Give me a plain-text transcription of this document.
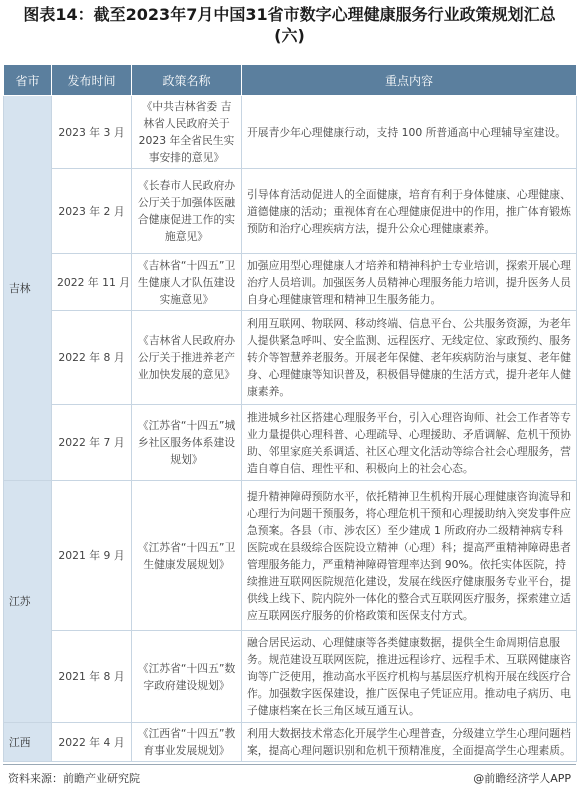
图表14：截至2023年7月中国31省市数字心理健康服务行业政策规划汇总
(六)
省市	发布时间	政策名称	重点内容
吉林	2023 年 3 月	《中共吉林省委 吉林省人民政府关于2023 年全省民生实事安排的意见》	开展青少年心理健康行动，支持 100 所普通高中心理辅导室建设。
	2023 年 2 月	《长春市人民政府办公厅关于加强体医融合健康促进工作的实施意见》	引导体育活动促进人的全面健康，培育有利于身体健康、心理健康、道德健康的活动；重视体育在心理健康促进中的作用，推广体育锻炼预防和治疗心理疾病方法，提升公众心理健康素养。
	2022 年 11 月	《吉林省“十四五”卫生健康人才队伍建设实施意见》	加强应用型心理健康人才培养和精神科护士专业培训，探索开展心理治疗人员培训。加强医务人员精神心理服务能力培训，提升医务人员自身心理健康管理和精神卫生服务能力。
	2022 年 8 月	《吉林省人民政府办公厅关于推进养老产业加快发展的意见》	利用互联网、物联网、移动终端、信息平台、公共服务资源，为老年人提供紧急呼叫、安全监测、远程医疗、无线定位、家政预约、服务转介等智慧养老服务。开展老年保健、老年疾病防治与康复、老年健身、心理健康等知识普及，积极倡导健康的生活方式，提升老年人健康素养。
	2022 年 7 月	《江苏省“十四五”城乡社区服务体系建设规划》	推进城乡社区搭建心理服务平台，引入心理咨询师、社会工作者等专业力量提供心理科普、心理疏导、心理援助、矛盾调解、危机干预协助、邻里家庭关系调适、社区心理文化活动等综合社会心理服务，营造自尊自信、理性平和、积极向上的社会心态。
江苏	2021 年 9 月	《江苏省“十四五”卫生健康发展规划》	提升精神障碍预防水平，依托精神卫生机构开展心理健康咨询流导和心理行为问题干预服务，将心理危机干预和心理援助纳入突发事件应急预案。各县（市、涉农区）至少建成 1 所政府办二级精神病专科医院或在县级综合医院设立精神（心理）科；提高严重精神障碍患者管理服务能力，严重精神障碍管理率达到 90%。依托实体医院，持续推进互联网医院规范化建设，发展在线医疗健康服务专业平台，提供线上线下、院内院外一体化的整合式互联网医疗服务，探索建立适应互联网医疗服务的价格政策和医保支付方式。
	2021 年 8 月	《江苏省“十四五”数字政府建设规划》	融合居民运动、心理健康等各类健康数据，提供全生命周期信息服务。规范建设互联网医院，推进远程诊疗、远程手术、互联网健康咨询等广泛使用，推动高水平医疗机构与基层医疗机构开展在线医疗合作。加强数字医保建设，推广医保电子凭证应用。推动电子病历、电子健康档案在长三角区域互通互认。
江西	2022 年 4 月	《江西省“十四五”教育事业发展规划》	利用大数据技术常态化开展学生心理普查，分级建立学生心理问题档案，提高心理问题识别和危机干预精准度，全面提高学生心理素质。
资料来源：前瞻产业研究院	@前瞻经济学人APP
